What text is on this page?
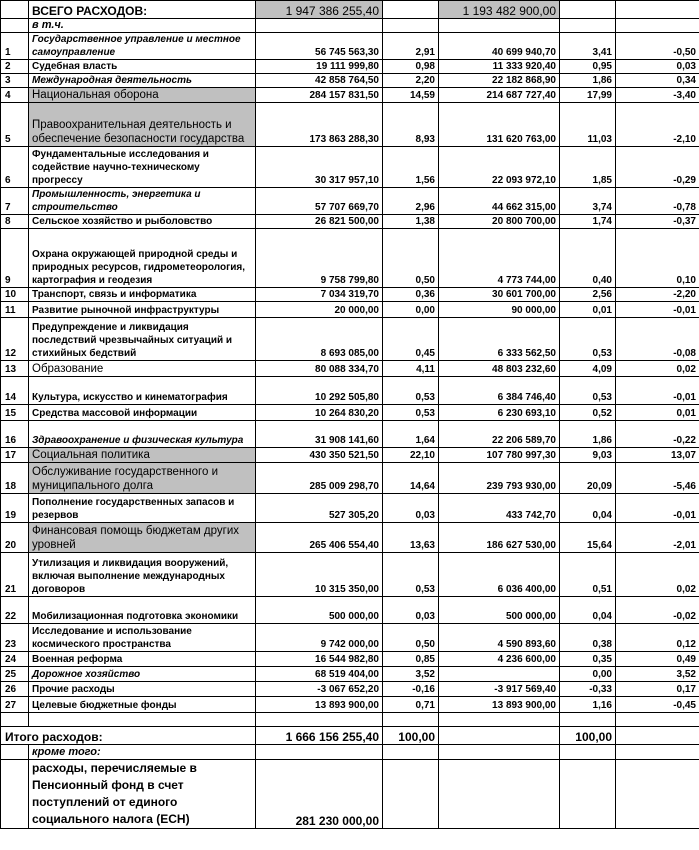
	ВСЕГО РАСХОДОВ:	1 947 386 255,40		1 193 482 900,00		
	в т.ч.					
1	Государственное управление и местное самоуправление	56 745 563,30	2,91	40 699 940,70	3,41	-0,50
2	Судебная власть	19 111 999,80	0,98	11 333 920,40	0,95	0,03
3	Международная деятельность	42 858 764,50	2,20	22 182 868,90	1,86	0,34
4	Национальная оборона	284 157 831,50	14,59	214 687 727,40	17,99	-3,40
5	Правоохранительная деятельность и обеспечение безопасности государства	173 863 288,30	8,93	131 620 763,00	11,03	-2,10
6	Фундаментальные исследования и содействие научно-техническому прогрессу	30 317 957,10	1,56	22 093 972,10	1,85	-0,29
7	Промышленность, энергетика и строительство	57 707 669,70	2,96	44 662 315,00	3,74	-0,78
8	Сельское хозяйство и рыболовство	26 821 500,00	1,38	20 800 700,00	1,74	-0,37
9	Охрана окружающей природной среды и природных ресурсов, гидрометеорология, картография и геодезия	9 758 799,80	0,50	4 773 744,00	0,40	0,10
10	Транспорт, связь и информатика	7 034 319,70	0,36	30 601 700,00	2,56	-2,20
11	Развитие рыночной инфраструктуры	20 000,00	0,00	90 000,00	0,01	-0,01
12	Предупреждение и ликвидация последствий чрезвычайных ситуаций и стихийных бедствий	8 693 085,00	0,45	6 333 562,50	0,53	-0,08
13	Образование	80 088 334,70	4,11	48 803 232,60	4,09	0,02
14	Культура, искусство и кинематография	10 292 505,80	0,53	6 384 746,40	0,53	-0,01
15	Средства массовой информации	10 264 830,20	0,53	6 230 693,10	0,52	0,01
16	Здравоохранение и физическая культура	31 908 141,60	1,64	22 206 589,70	1,86	-0,22
17	Социальная политика	430 350 521,50	22,10	107 780 997,30	9,03	13,07
18	Обслуживание государственного и муниципального долга	285 009 298,70	14,64	239 793 930,00	20,09	-5,46
19	Пополнение государственных запасов и резервов	527 305,20	0,03	433 742,70	0,04	-0,01
20	Финансовая помощь бюджетам других уровней	265 406 554,40	13,63	186 627 530,00	15,64	-2,01
21	Утилизация и ликвидация вооружений, включая выполнение международных договоров	10 315 350,00	0,53	6 036 400,00	0,51	0,02
22	Мобилизационная подготовка экономики	500 000,00	0,03	500 000,00	0,04	-0,02
23	Исследование и использование космического пространства	9 742 000,00	0,50	4 590 893,60	0,38	0,12
24	Военная реформа	16 544 982,80	0,85	4 236 600,00	0,35	0,49
25	Дорожное хозяйство	68 519 404,00	3,52		0,00	3,52
26	Прочие расходы	-3 067 652,20	-0,16	-3 917 569,40	-0,33	0,17
27	Целевые бюджетные фонды	13 893 900,00	0,71	13 893 900,00	1,16	-0,45

Итого расходов:		1 666 156 255,40	100,00		100,00	
	кроме того:					
	расходы, перечисляемые в Пенсионный фонд в счет поступлений от единого социального налога (ЕСН)	281 230 000,00				
